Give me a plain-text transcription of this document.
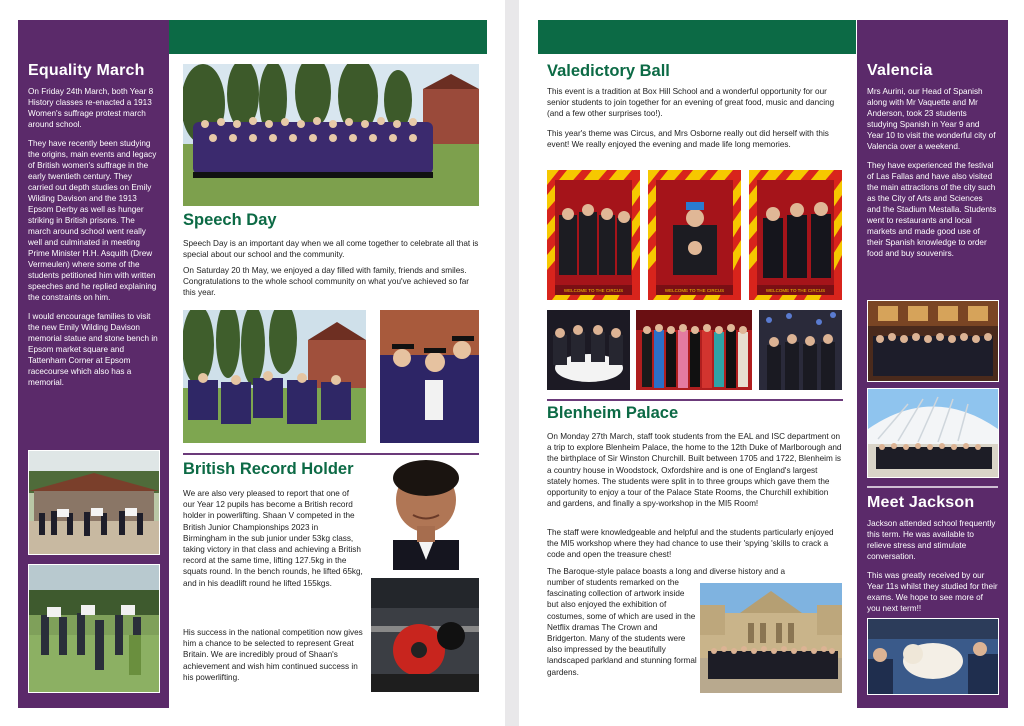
Equality March

On Friday 24th March, both Year 8 History classes re-enacted a 1913 Women's suffrage protest march around school.

They have recently been studying the origins, main events and legacy of British women's suffrage in the early twentieth century. They carried out depth studies on Emily Wilding Davison and the 1913 Epsom Derby as well as hunger striking in British prisons. The march around school went really well and culminated in meeting Prime Minister H.H. Asquith (Drew Vermeulen) where some of the students petitioned him with written speeches and he replied explaining the constraints on him.

I would encourage families to visit the new Emily Wilding Davison memorial statue and stone bench in Epsom market square and Tattenham Corner at Epsom racecourse which also has a memorial.

Speech Day

Speech Day is an important day when we all come together to celebrate all that is special about our school and the community.

On Saturday 20 th May, we enjoyed a day filled with family, friends and smiles. Congratulations to the whole school community on what you've achieved so far this year.

British Record Holder

We are also very pleased to report that one of our Year 12 pupils has become a British record holder in powerlifting. Shaan V competed in the British Junior Championships 2023 in Birmingham in the sub junior under 53kg class, taking victory in that class and achieving a British record at the same time, lifting 127.5kg in the squats round. In the bench rounds, he lifted 65kg, and in his deadlift round he lifted 155kgs.

His success in the national competition now gives him a chance to be selected to represent Great Britain. We are incredibly proud of Shaan's achievement and wish him continued success in his powerlifting.

Valedictory Ball

This event is a tradition at Box Hill School and a wonderful opportunity for our senior students to join together for an evening of great food, music and dancing (and a few other surprises too!).

This year's theme was Circus, and Mrs Osborne really out did herself with this event! We really enjoyed the evening and made life long memories.

WELCOME TO THE CIRCUS	WELCOME TO THE CIRCUS	WELCOME TO THE CIRCUS
Blenheim Palace

On Monday 27th March, staff took students from the EAL and ISC department on a trip to explore Blenheim Palace, the home to the 12th Duke of Marlborough and the birthplace of Sir Winston Churchill. Built between 1705 and 1722, Blenheim is a country house in Woodstock, Oxfordshire and is one of England's largest stately homes. The students were split in to three groups which gave them the opportunity to enjoy a tour of the Palace State Rooms, the Churchill exhibition and gardens, and finally a spy-workshop in the MI5 Room!

The staff were knowledgeable and helpful and the students particularly enjoyed the MI5 workshop where they had chance to use their 'spying 'skills to crack a code and open the treasure chest!

The Baroque-style palace boasts a long and diverse history and a

number of students remarked on the fascinating collection of artwork inside but also enjoyed the exhibition of costumes, some of which are used in the Netflix dramas The Crown and Bridgerton. Many of the students were also impressed by the beautifully landscaped parkland and stunning formal gardens.

Valencia

Mrs Aurini, our Head of Spanish along with Mr Vaquette and Mr Anderson, took 23 students studying Spanish in Year 9 and Year 10 to visit the wonderful city of Valencia over a weekend.

They have experienced the festival of Las Fallas and have also visited the main attractions of the city such as the City of Arts and Sciences and the Stadium Mestalla. Students went to restaurants and local markets and made good use of their Spanish knowledge to order food and buy souvenirs.

Meet Jackson

Jackson attended school frequently this term. He was available to relieve stress and stimulate conversation.

This was greatly received by our Year 11s whilst they studied for their exams. We hope to see more of you next term!!
